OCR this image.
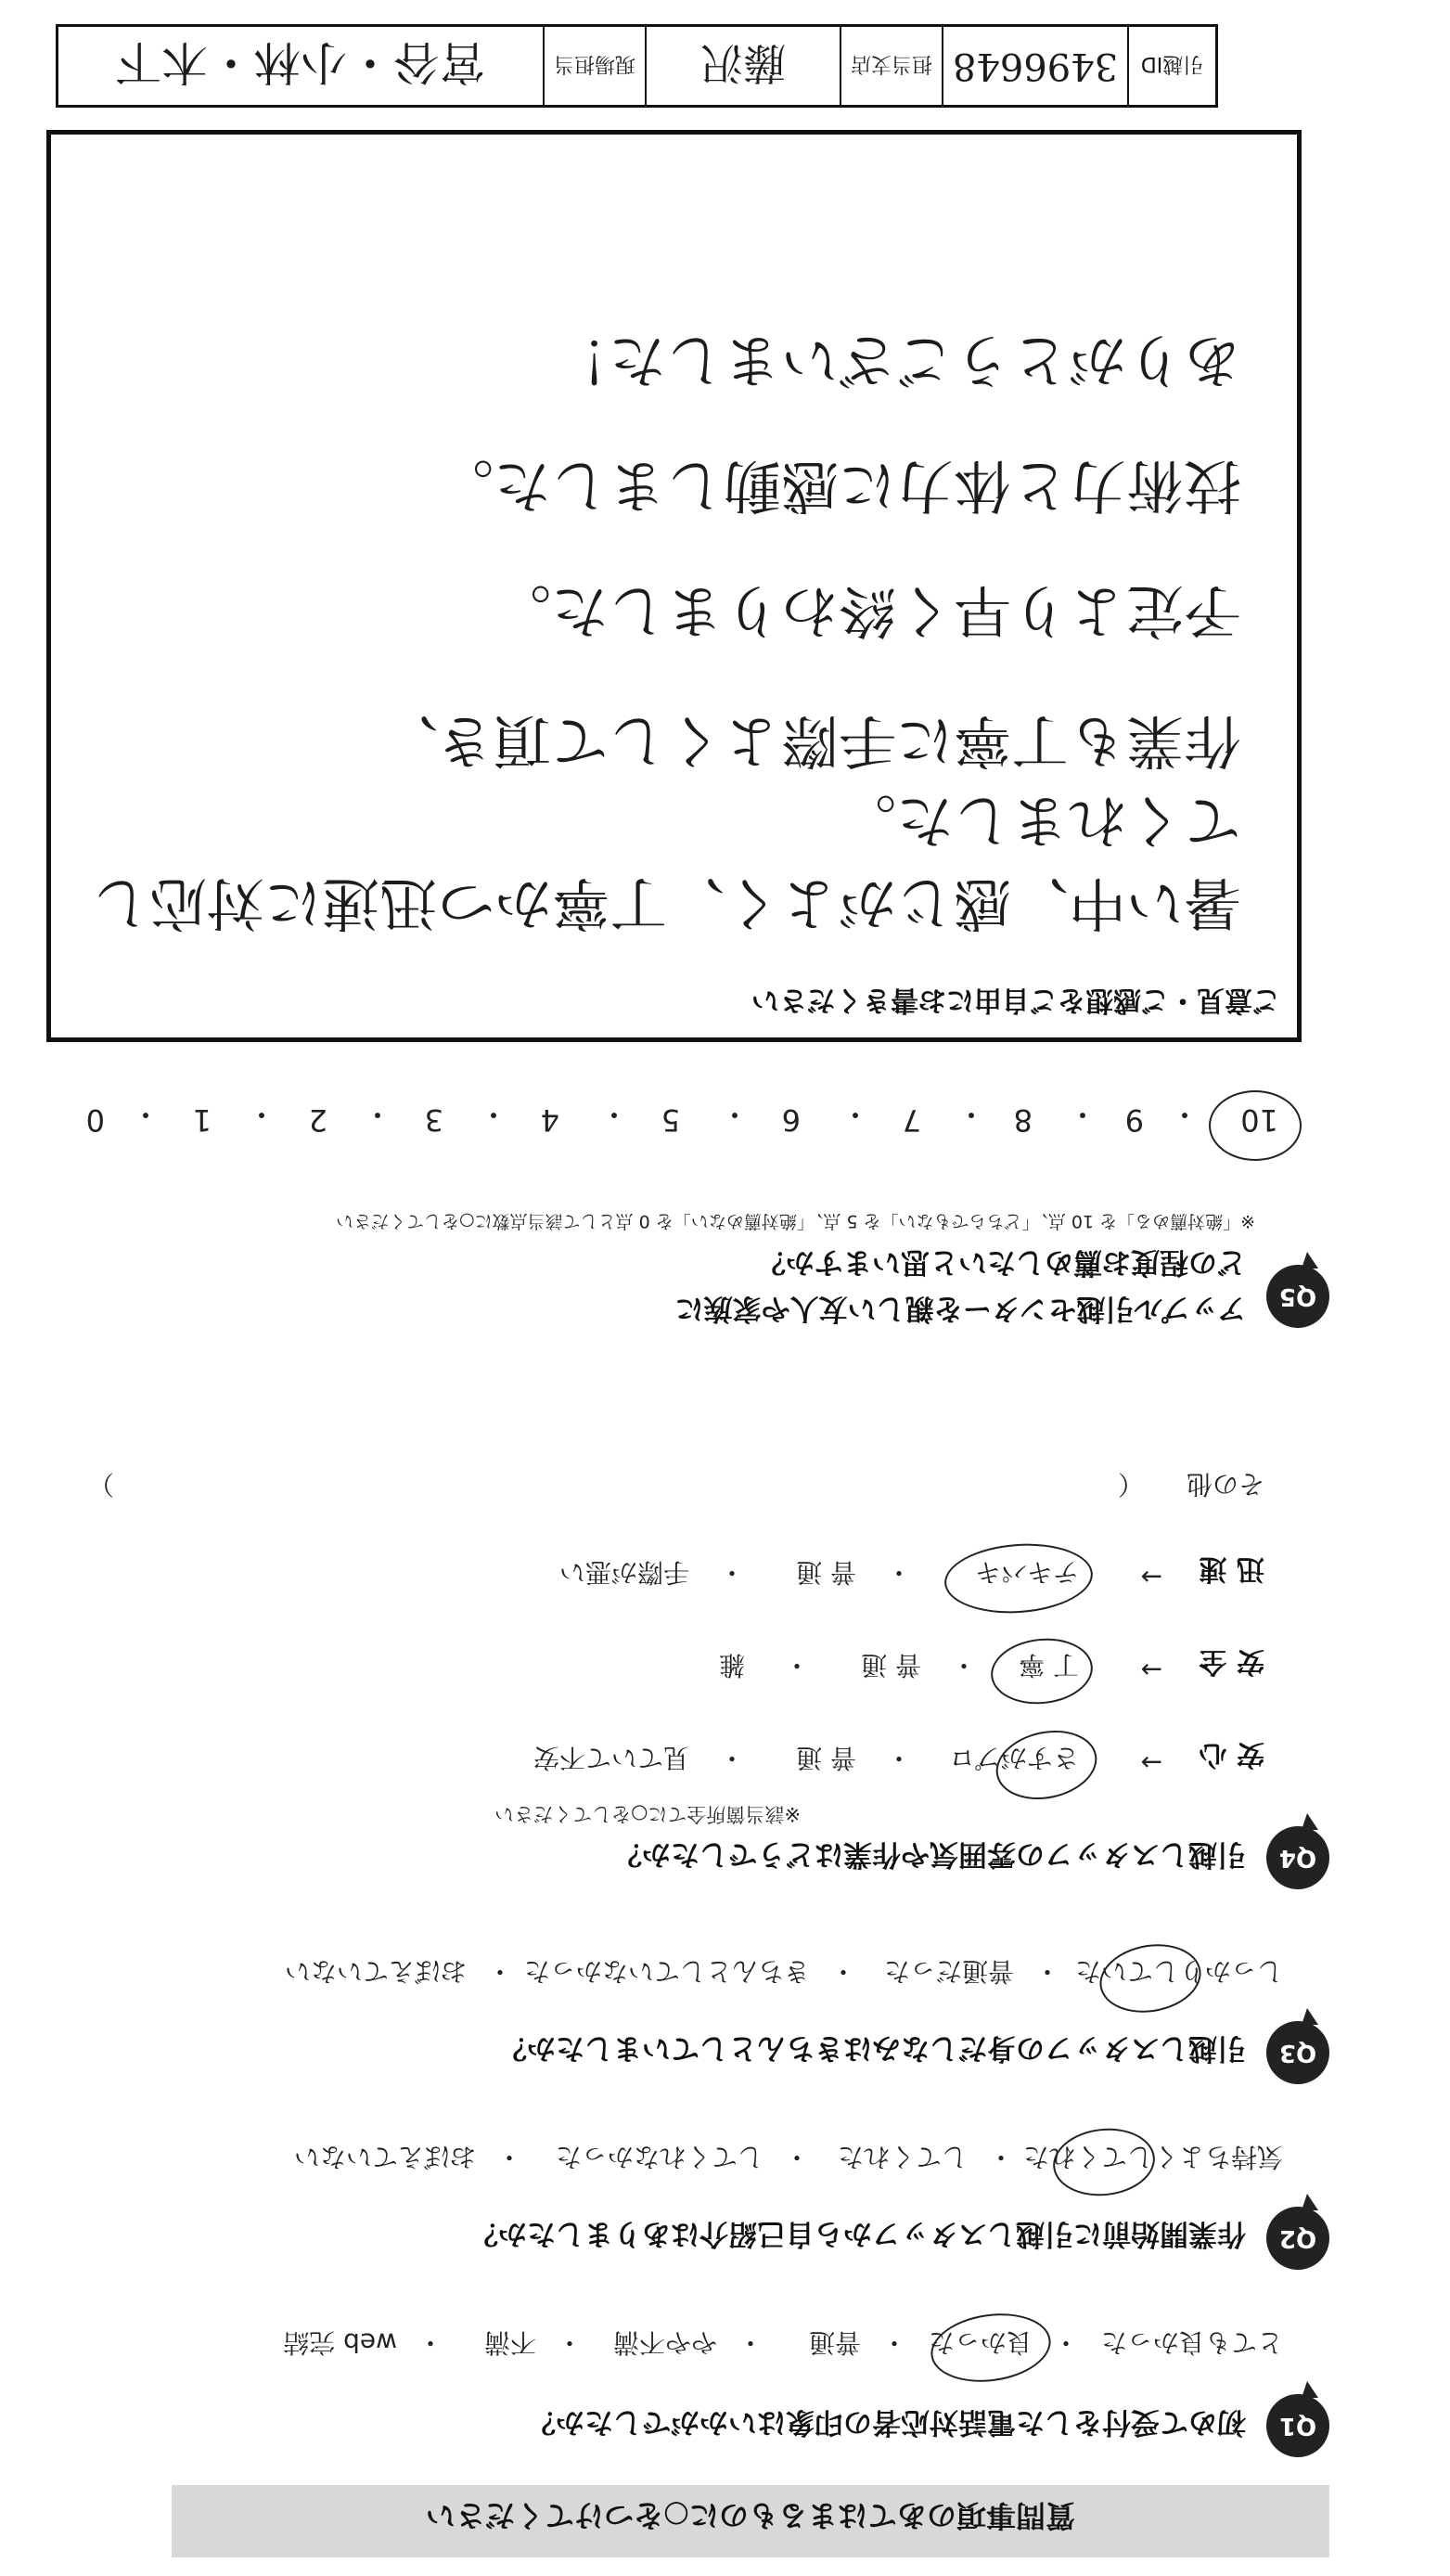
引越ID
3496648
担当支店
藤沢
現場担当
宮谷・小林・木下
質問事項のあてはまるものに○をつけてください
Q1
初めて受付をした電話対応者の印象はいかがでしたか？
とても良かった
・
良かった
・
普通
・
やや不満
・
不満
・
web 完結
Q2
作業開始前に引越しスタッフから自己紹介はありましたか？
気持ちよくしてくれた
・
してくれた
・
してくれなかった
・
おぼえていない
Q3
引越しスタッフの身だしなみはきちんとしていましたか？
しっかりしていた
・
普通だった
・
きちんとしていなかった
・
おぼえていない
Q4
引越しスタッフの雰囲気や作業はどうでしたか？
※該当箇所全てに○をしてください
安 心
→
さすがプロ
・
普 通
・
見ていて不安
安 全
→
丁 寧
・
普 通
・
雑
迅 速
→
テキパキ
・
普 通
・
手際が悪い
その他
（
）
Q5
アップル引越センターを親しい友人や家族に
どの程度お薦めしたいと思いますか？
※「絶対薦める」を 10 点、「どちらでもない」を 5 点、「絶対薦めない」を 0 点として該当点数に○をしてください
10
・
9
・
8
・
7
・
6
・
5
・
4
・
3
・
2
・
1
・
0
ご意見・ご感想をご自由にお書きください
暑い中、感じがよく、丁寧かつ迅速に対応してくれました。
作業も丁寧に手際よくして頂き、
予定より早く終わりました。
技術力と体力に感動しました。
ありがとうございました！
